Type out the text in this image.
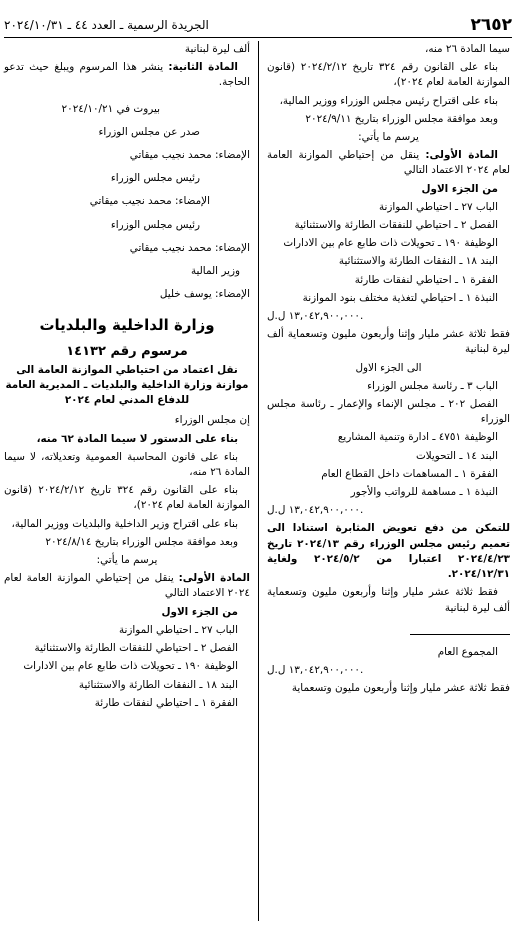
٢٦٥٢
الجريدة الرسمية ـ العدد ٤٤ ـ ٢٠٢٤/١٠/٣١

سيما المادة ٢٦ منه،

بناء على القانون رقم ٣٢٤ تاريخ ٢٠٢٤/٢/١٢ (قانون الموازنة العامة لعام ٢٠٢٤)،

بناء على اقتراح رئيس مجلس الوزراء ووزير المالية،

وبعد موافقة مجلس الوزراء بتاريخ ٢٠٢٤/٩/١١

يرسم ما يأتي:

المادة الأولى: ينقل من إحتياطي الموازنة العامة لعام ٢٠٢٤ الاعتماد التالي

من الجزء الاول

الباب ٢٧ ـ احتياطي الموازنة

الفصل ٢ ـ احتياطي للنفقات الطارئة والاستثنائية

الوظيفة ١٩٠ ـ تحويلات ذات طابع عام بين الادارات

البند ١٨ ـ النفقات الطارئة والاستثنائية

الفقرة ١ ـ احتياطي لنفقات طارئة

النبذة ١ ـ احتياطي لتغذية مختلف بنود الموازنة

١٣,٠٤٢,٩٠٠,٠٠٠ ل.ل.

فقط ثلاثة عشر مليار وإثنا وأربعون مليون وتسعماية ألف ليرة لبنانية

الى الجزء الاول

الباب ٣ ـ رئاسة مجلس الوزراء

الفصل ٢٠٢ ـ مجلس الإنماء والإعمار ـ رئاسة مجلس الوزراء

الوظيفة ٤٧٥١ ـ ادارة وتنمية المشاريع

البند ١٤ ـ التحويلات

الفقرة ١ ـ المساهمات داخل القطاع العام

النبذة ١ ـ مساهمة للرواتب والأجور

١٣,٠٤٢,٩٠٠,٠٠٠ ل.ل.

للتمكن من دفع تعويض المثابرة استنادا الى تعميم رئيس مجلس الوزراء رقم ٢٠٢٤/١٣ تاريخ ٢٠٢٤/٤/٢٣ اعتبارا من ٢٠٢٤/٥/٢ ولغاية ٢٠٢٤/١٢/٣١.

فقط ثلاثة عشر مليار وإثنا وأربعون مليون وتسعماية ألف ليرة لبنانية

المجموع العام

١٣,٠٤٢,٩٠٠,٠٠٠ ل.ل.

فقط ثلاثة عشر مليار وإثنا وأربعون مليون وتسعماية

ألف ليرة لبنانية

المادة الثانية: ينشر هذا المرسوم ويبلغ حيث تدعو الحاجة.

بيروت في ٢٠٢٤/١٠/٢١

صدر عن مجلس الوزراء

الإمضاء: محمد نجيب ميقاتي

رئيس مجلس الوزراء

الإمضاء: محمد نجيب ميقاتي

رئيس مجلس الوزراء

الإمضاء: محمد نجيب ميقاتي

وزير المالية

الإمضاء: يوسف خليل

وزارة الداخلية والبلديات
مرسوم رقم ١٤١٣٢

نقل اعتماد من احتياطي الموازنة العامة الى موازنة وزارة الداخلية والبلديات ـ المديرية العامة للدفاع المدني لعام ٢٠٢٤

إن مجلس الوزراء

بناء على الدستور لا سيما المادة ٦٢ منه،

بناء على قانون المحاسبة العمومية وتعديلاته، لا سيما المادة ٢٦ منه،

بناء على القانون رقم ٣٢٤ تاريخ ٢٠٢٤/٢/١٢ (قانون الموازنة العامة لعام ٢٠٢٤)،

بناء على اقتراح وزير الداخلية والبلديات ووزير المالية،

وبعد موافقة مجلس الوزراء بتاريخ ٢٠٢٤/٨/١٤

يرسم ما يأتي:

المادة الأولى: ينقل من إحتياطي الموازنة العامة لعام ٢٠٢٤ الاعتماد التالي

من الجزء الاول

الباب ٢٧ ـ احتياطي الموازنة

الفصل ٢ ـ احتياطي للنفقات الطارئة والاستثنائية

الوظيفة ١٩٠ ـ تحويلات ذات طابع عام بين الادارات

البند ١٨ ـ النفقات الطارئة والاستثنائية

الفقرة ١ ـ احتياطي لنفقات طارئة
